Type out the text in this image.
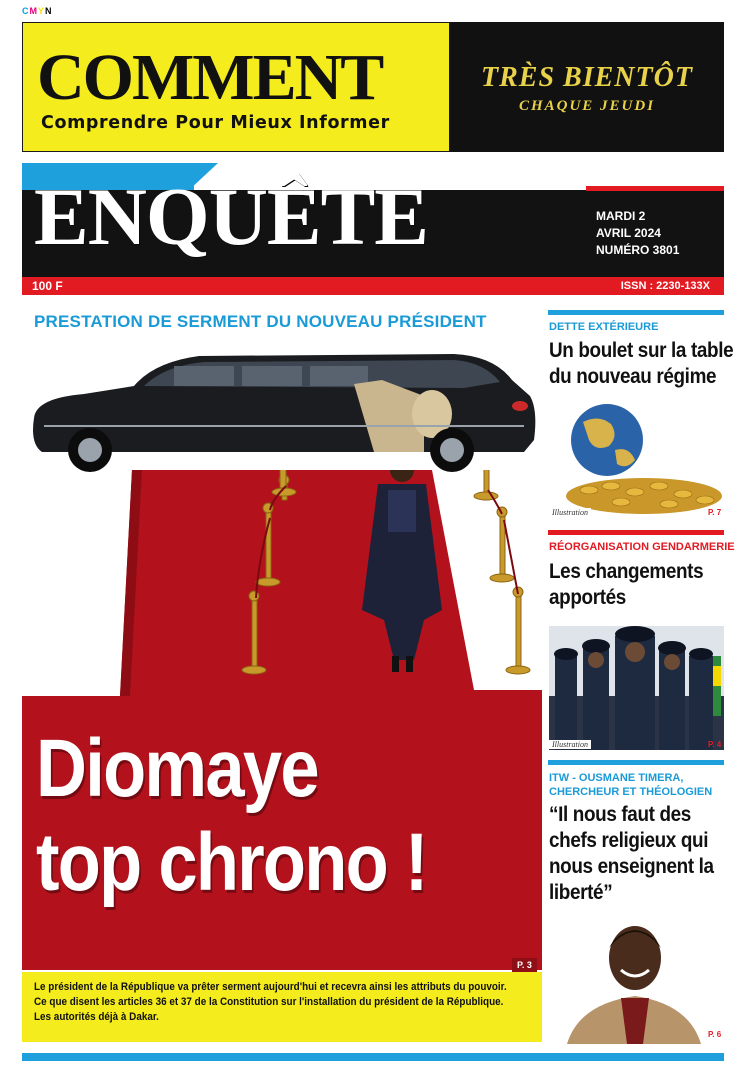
CMYN
COMMENT
Comprendre Pour Mieux Informer
TRÈS BIENTÔT
CHAQUE JEUDI
ENQUÊTE	MARDI 2
AVRIL 2024
NUMÉRO 3801
100 F	ISSN : 2230-133X
PRESTATION DE SERMENT DU NOUVEAU PRÉSIDENT
Diomaye
top chrono !
P. 3

Le président de la République va prêter serment aujourd'hui et recevra ainsi les attributs du pouvoir.

Ce que disent les articles 36 et 37 de la Constitution sur l'installation du président de la République.

Les autorités déjà à Dakar.

DETTE EXTÉRIEURE
Un boulet sur la table
du nouveau régime
Illustration	P. 7
RÉORGANISATION GENDARMERIE
Les changements
apportés
Illustration	P. 4
ITW - OUSMANE TIMERA,
CHERCHEUR ET THÉOLOGIEN
“Il nous faut des
chefs religieux qui
nous enseignent la
liberté”
P. 6
